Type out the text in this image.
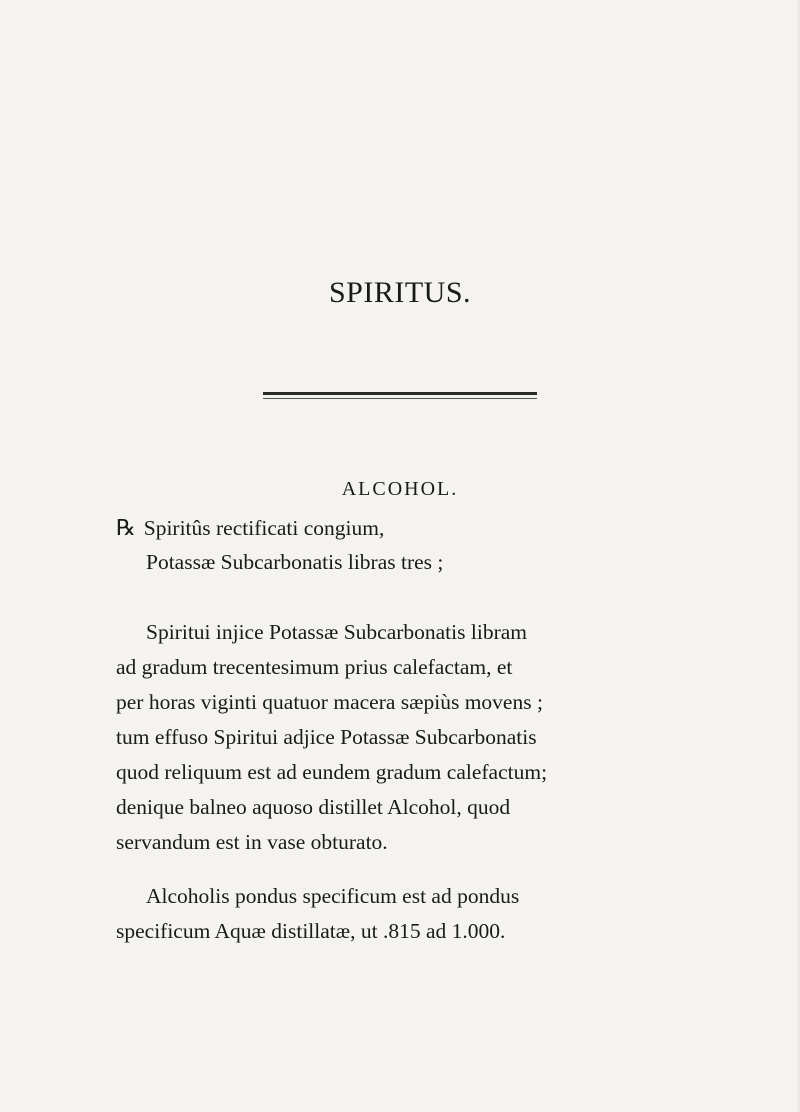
SPIRITUS.
ALCOHOL.
℞ Spiritûs rectificati congium,
Potassæ Subcarbonatis libras tres ;
Spiritui injice Potassæ Subcarbonatis libram
ad gradum trecentesimum prius calefactam, et
per horas viginti quatuor macera sæpiùs movens ;
tum effuso Spiritui adjice Potassæ Subcarbonatis
quod reliquum est ad eundem gradum calefactum;
denique balneo aquoso distillet Alcohol, quod
servandum est in vase obturato.
Alcoholis pondus specificum est ad pondus
specificum Aquæ distillatæ, ut .815 ad 1.000.
